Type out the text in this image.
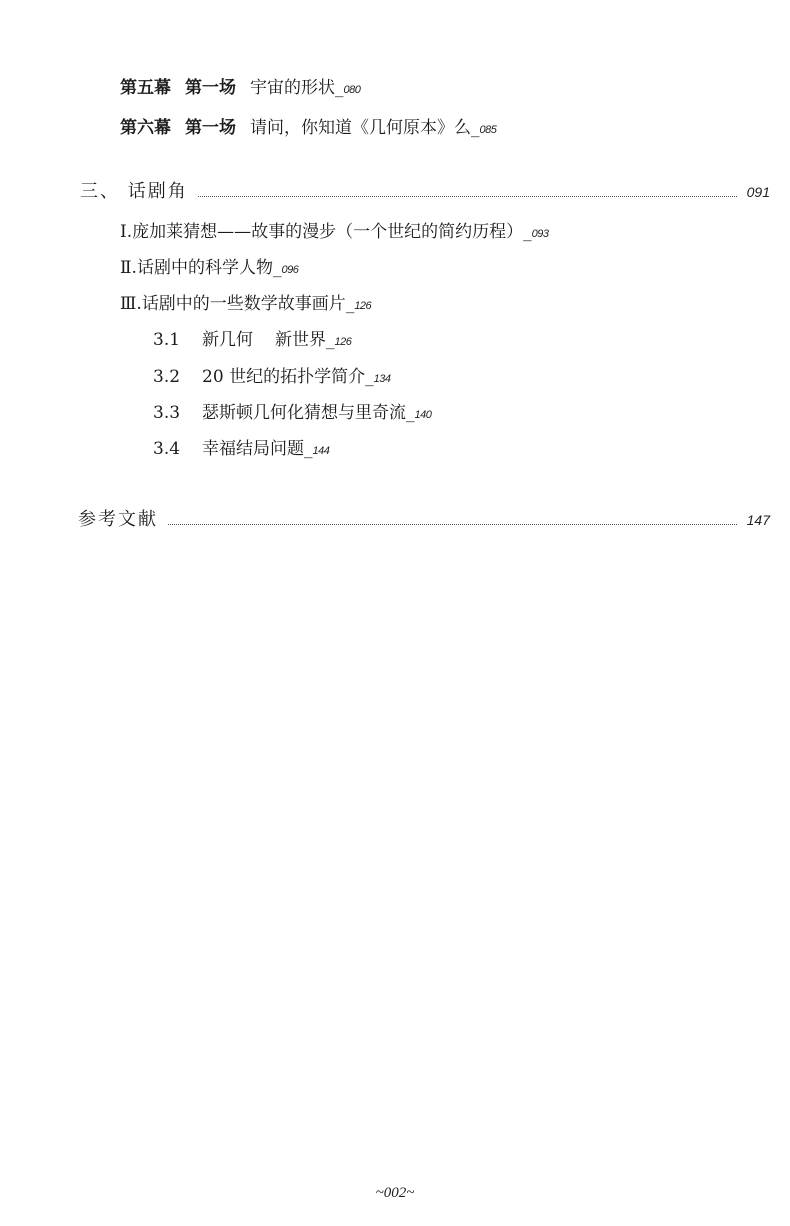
第五幕 第一场 宇宙的形状_080
第六幕 第一场 请问，你知道《几何原本》么_085
三、 话剧角	091
Ⅰ.庞加莱猜想——故事的漫步（一个世纪的简约历程）_093
Ⅱ.话剧中的科学人物_096
Ⅲ.话剧中的一些数学故事画片_126
3.1 新几何 新世界_126
3.2 20 世纪的拓扑学简介_134
3.3 瑟斯顿几何化猜想与里奇流_140
3.4 幸福结局问题_144
参考文献	147
~002~
